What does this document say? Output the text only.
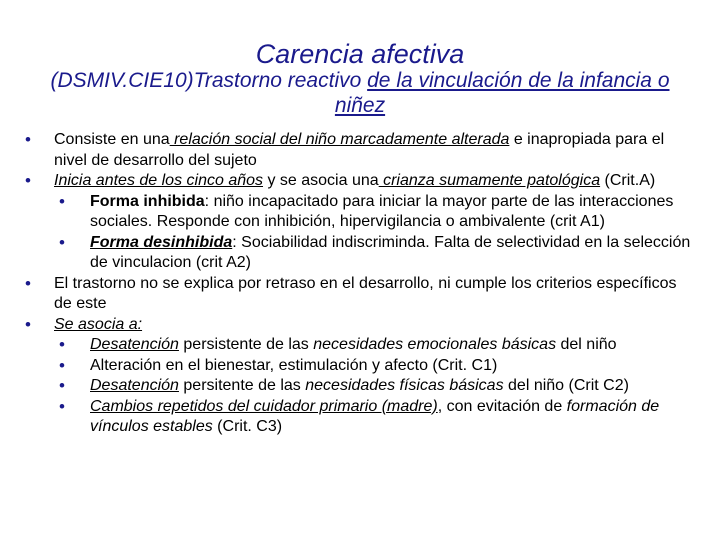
Carencia afectiva
(DSMIV.CIE10)Trastorno reactivo de la vinculación de la infancia o niñez
• Consiste en una relación social del niño marcadamente alterada e inapropiada para el nivel de desarrollo del sujeto
• Inicia antes de los cinco años y se asocia una crianza sumamente patológica (Crit.A)
• Forma inhibida: niño incapacitado para iniciar la mayor parte de las interacciones sociales. Responde con inhibición, hipervigilancia o ambivalente (crit A1)
• Forma desinhibida: Sociabilidad indiscriminda. Falta de selectividad en la selección de vinculacion (crit A2)
• El trastorno no se explica por retraso en el desarrollo, ni cumple los criterios específicos de este
• Se asocia a:
• Desatención persistente de las necesidades emocionales básicas del niño
• Alteración en el bienestar, estimulación y afecto (Crit. C1)
• Desatención persitente de las necesidades físicas básicas del niño (Crit C2)
• Cambios repetidos del cuidador primario (madre), con evitación de formación de vínculos estables (Crit. C3)
